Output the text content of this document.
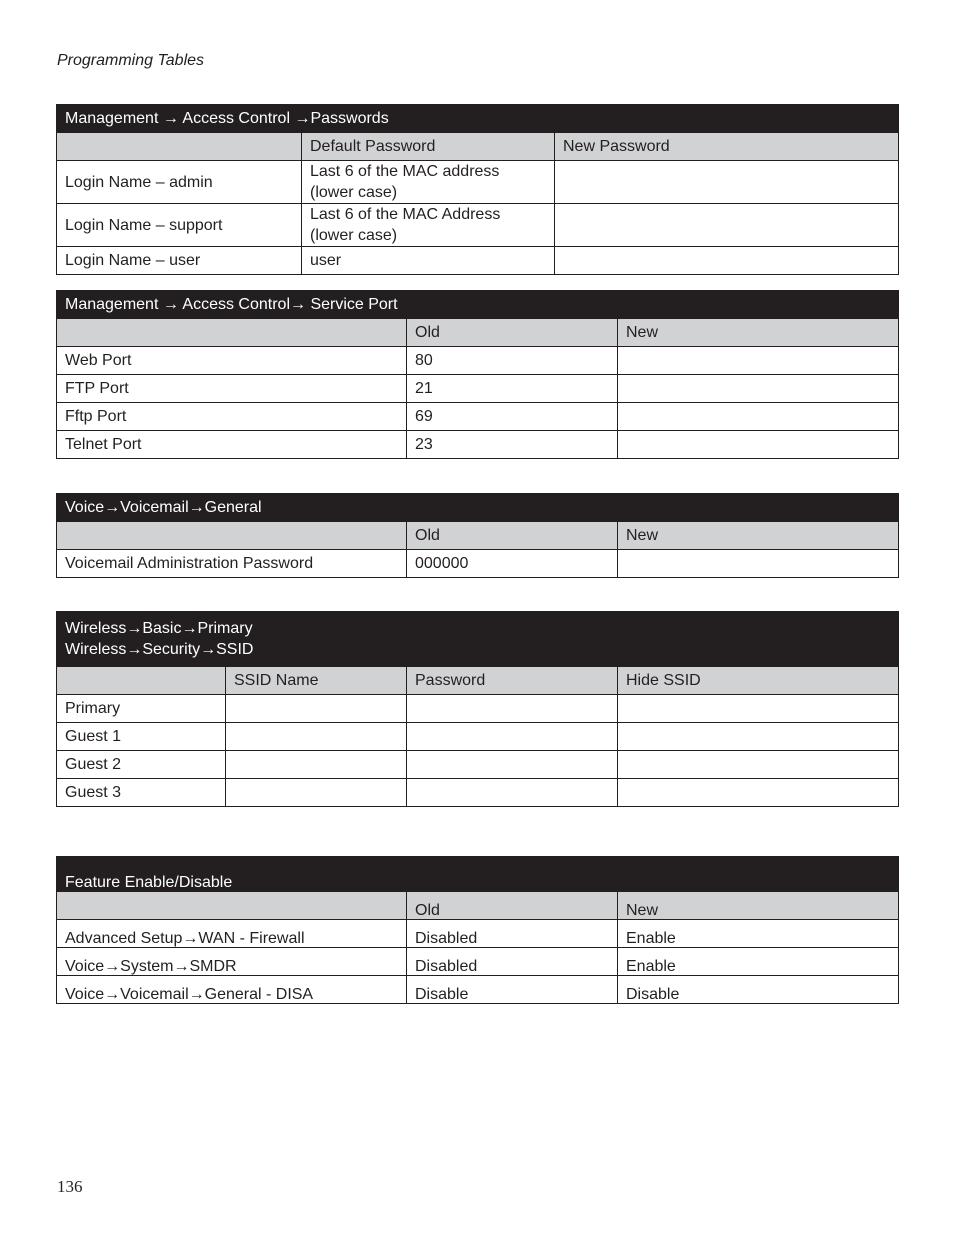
Programming Tables
Management → Access Control →Passwords		
	Default Password	New Password
Login Name – admin	Last 6 of the MAC address (lower case)	
Login Name – support	Last 6 of the MAC Address (lower case)	
Login Name – user	user	
Management → Access Control→ Service Port		
	Old	New
Web Port	80	
FTP Port	21	
Fftp Port	69	
Telnet Port	23	
Voice→Voicemail→General		
	Old	New
Voicemail Administration Password	000000	
Wireless→Basic→Primary
Wireless→Security→SSID			

	SSID Name	Password	Hide SSID
Primary			
Guest 1			
Guest 2			
Guest 3			
Feature Enable/Disable		
	Old	New
Advanced Setup→WAN - Firewall	Disabled	Enable
Voice→System→SMDR	Disabled	Enable
Voice→Voicemail→General - DISA	Disable	Disable
136
